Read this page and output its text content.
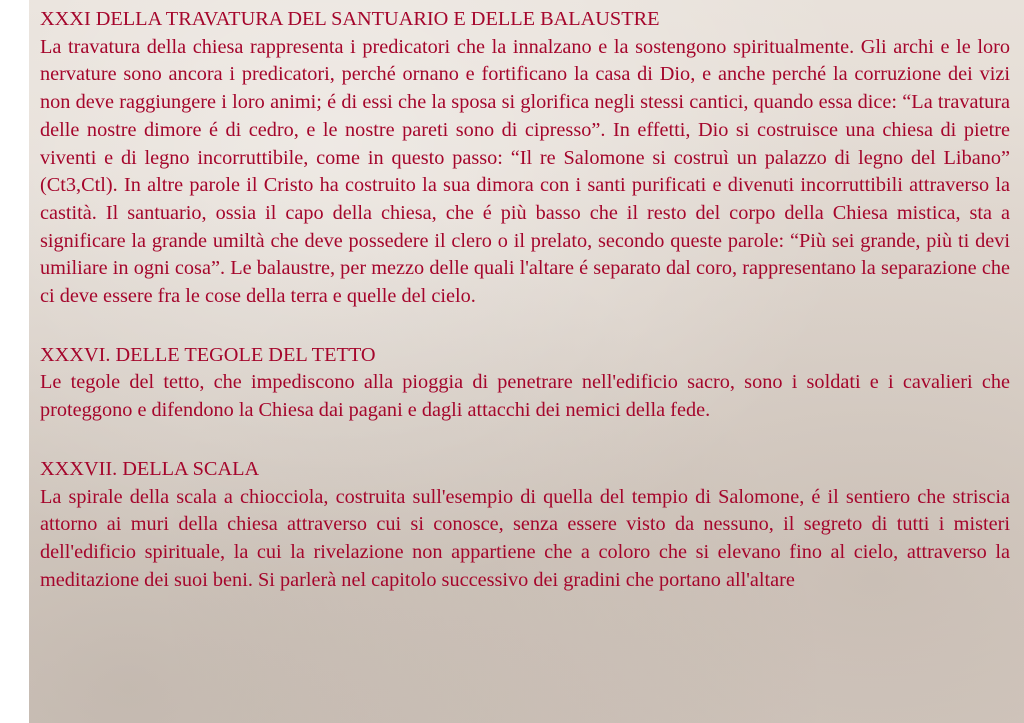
XXXI DELLA TRAVATURA DEL SANTUARIO E DELLE BALAUSTRE

La travatura della chiesa rappresenta i predicatori che la innalzano e la sostengono spiritualmente. Gli archi e le loro nervature sono ancora i predicatori, perché ornano e fortificano la casa di Dio, e anche perché la corruzione dei vizi non deve raggiungere i loro animi; é di essi che la sposa si glorifica negli stessi cantici, quando essa dice: “La travatura delle nostre dimore é di cedro, e le nostre pareti sono di cipresso”. In effetti, Dio si costruisce una chiesa di pietre viventi e di legno incorruttibile, come in questo passo: “Il re Salomone si costruì un palazzo di legno del Libano” (Ct3,Ctl). In altre parole il Cristo ha costruito la sua dimora con i santi purificati e divenuti incorruttibili attraverso la castità. Il santuario, ossia il capo della chiesa, che é più basso che il resto del corpo della Chiesa mistica, sta a significare la grande umiltà che deve possedere il clero o il prelato, secondo queste parole: “Più sei grande, più ti devi umiliare in ogni cosa”. Le balaustre, per mezzo delle quali l'altare é separato dal coro, rappresentano la separazione che ci deve essere fra le cose della terra e quelle del cielo.

XXXVI. DELLE TEGOLE DEL TETTO

Le tegole del tetto, che impediscono alla pioggia di penetrare nell'edificio sacro, sono i soldati e i cavalieri che proteggono e difendono la Chiesa dai pagani e dagli attacchi dei nemici della fede.

XXXVII. DELLA SCALA

La spirale della scala a chiocciola, costruita sull'esempio di quella del tempio di Salomone, é il sentiero che striscia attorno ai muri della chiesa attraverso cui si conosce, senza essere visto da nessuno, il segreto di tutti i misteri dell'edificio spirituale, la cui la rivelazione non appartiene che a coloro che si elevano fino al cielo, attraverso la meditazione dei suoi beni. Si parlerà nel capitolo successivo dei gradini che portano all'altare
